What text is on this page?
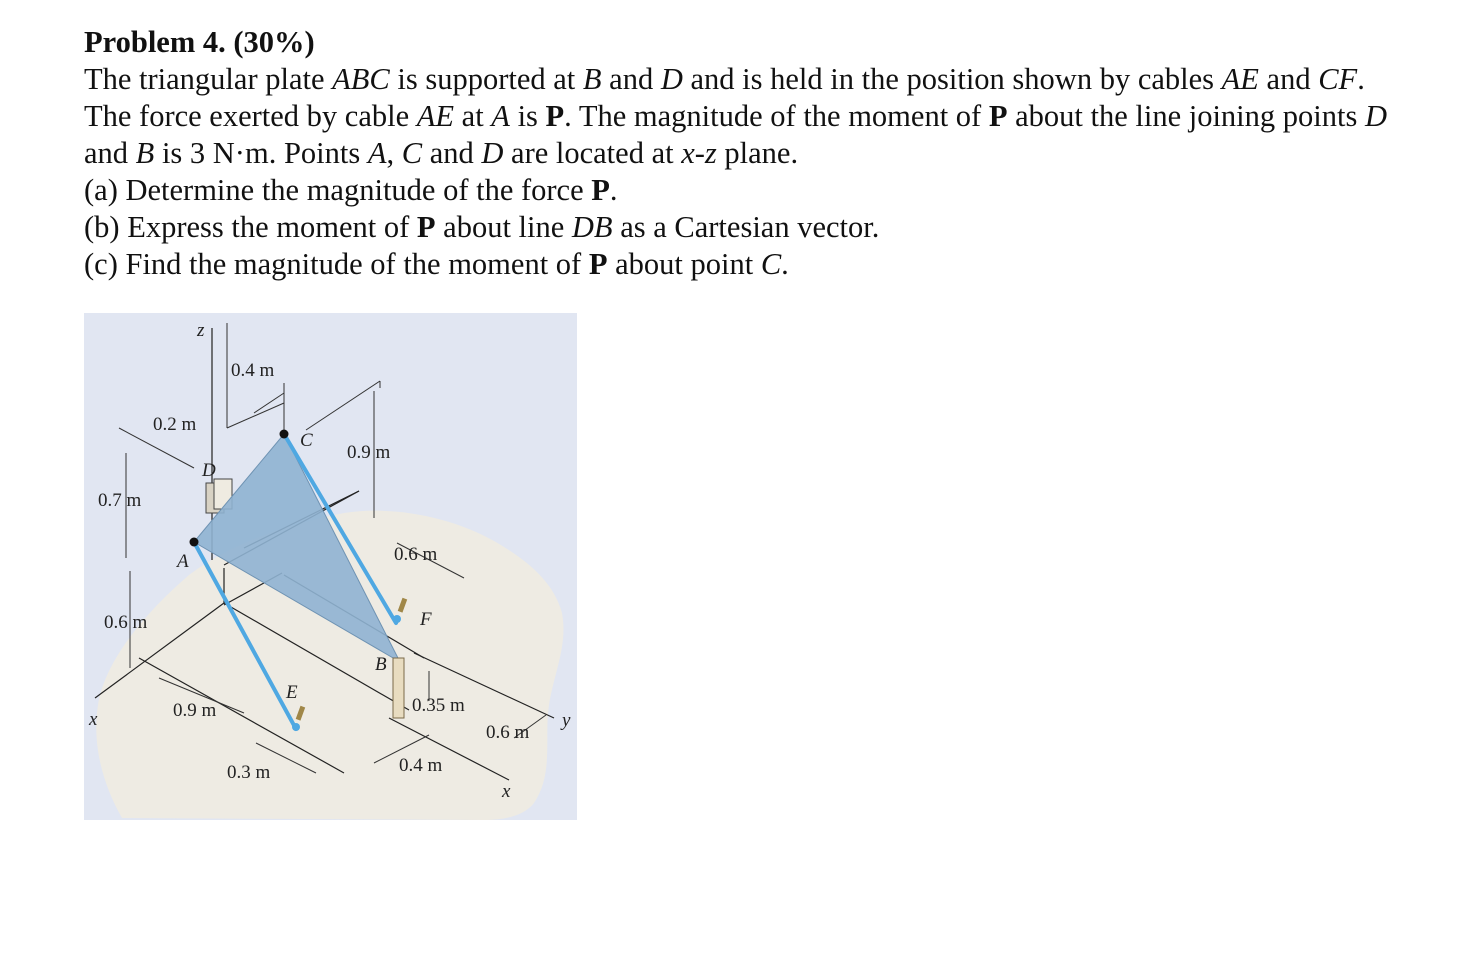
Problem 4. (30%)

The triangular plate ABC is supported at B and D and is held in the position shown by cables AE and CF. The force exerted by cable AE at A is P. The magnitude of the moment of P about the line joining points D and B is 3 N·m. Points A, C and D are located at x-z plane.

(a) Determine the magnitude of the force P.

(b) Express the moment of P about line DB as a Cartesian vector.

(c) Find the magnitude of the moment of P about point C.

A
B
C
D
E
F
z
x
x
y
0.4 m
0.2 m
0.9 m
0.7 m
0.6 m
0.6 m
0.9 m
0.3 m
0.35 m
0.4 m
0.6 m
